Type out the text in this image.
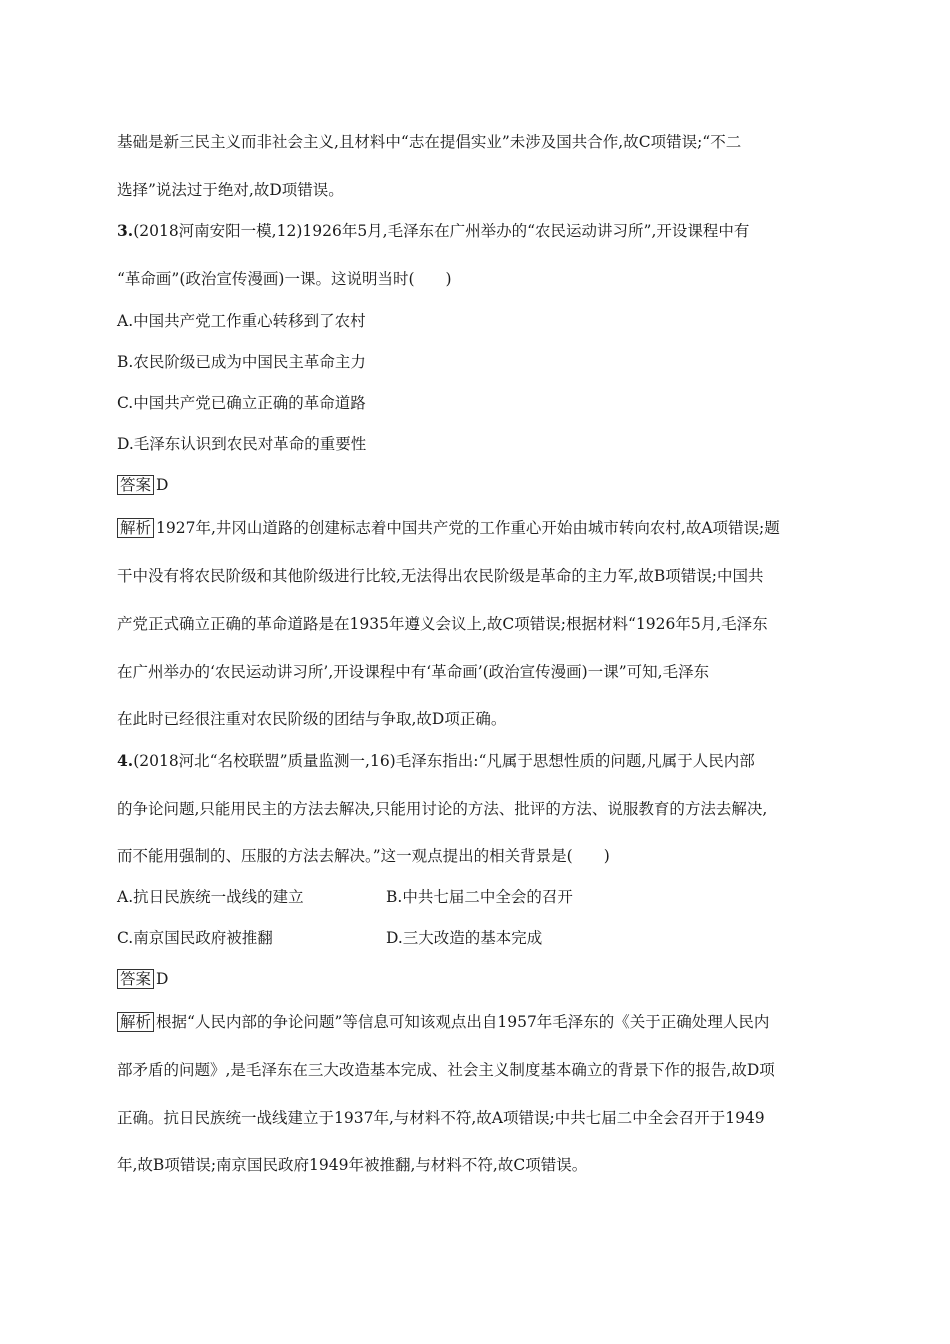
基础是新三民主义而非社会主义,且材料中“志在提倡实业”未涉及国共合作,故C项错误;“不二
选择”说法过于绝对,故D项错误。
3.(2018河南安阳一模,12)1926年5月,毛泽东在广州举办的“农民运动讲习所”,开设课程中有
“革命画”(政治宣传漫画)一课。这说明当时(　　)
A.中国共产党工作重心转移到了农村
B.农民阶级已成为中国民主革命主力
C.中国共产党已确立正确的革命道路
D.毛泽东认识到农民对革命的重要性
答案 D
解析 1927年,井冈山道路的创建标志着中国共产党的工作重心开始由城市转向农村,故A项错误;题
干中没有将农民阶级和其他阶级进行比较,无法得出农民阶级是革命的主力军,故B项错误;中国共
产党正式确立正确的革命道路是在1935年遵义会议上,故C项错误;根据材料“1926年5月,毛泽东
在广州举办的‘农民运动讲习所’,开设课程中有‘革命画’(政治宣传漫画)一课”可知,毛泽东
在此时已经很注重对农民阶级的团结与争取,故D项正确。
4.(2018河北“名校联盟”质量监测一,16)毛泽东指出:“凡属于思想性质的问题,凡属于人民内部
的争论问题,只能用民主的方法去解决,只能用讨论的方法、批评的方法、说服教育的方法去解决,
而不能用强制的、压服的方法去解决。”这一观点提出的相关背景是(　　)
A.抗日民族统一战线的建立	B.中共七届二中全会的召开
C.南京国民政府被推翻	D.三大改造的基本完成
答案 D
解析 根据“人民内部的争论问题”等信息可知该观点出自1957年毛泽东的《关于正确处理人民内
部矛盾的问题》,是毛泽东在三大改造基本完成、社会主义制度基本确立的背景下作的报告,故D项
正确。抗日民族统一战线建立于1937年,与材料不符,故A项错误;中共七届二中全会召开于1949
年,故B项错误;南京国民政府1949年被推翻,与材料不符,故C项错误。
